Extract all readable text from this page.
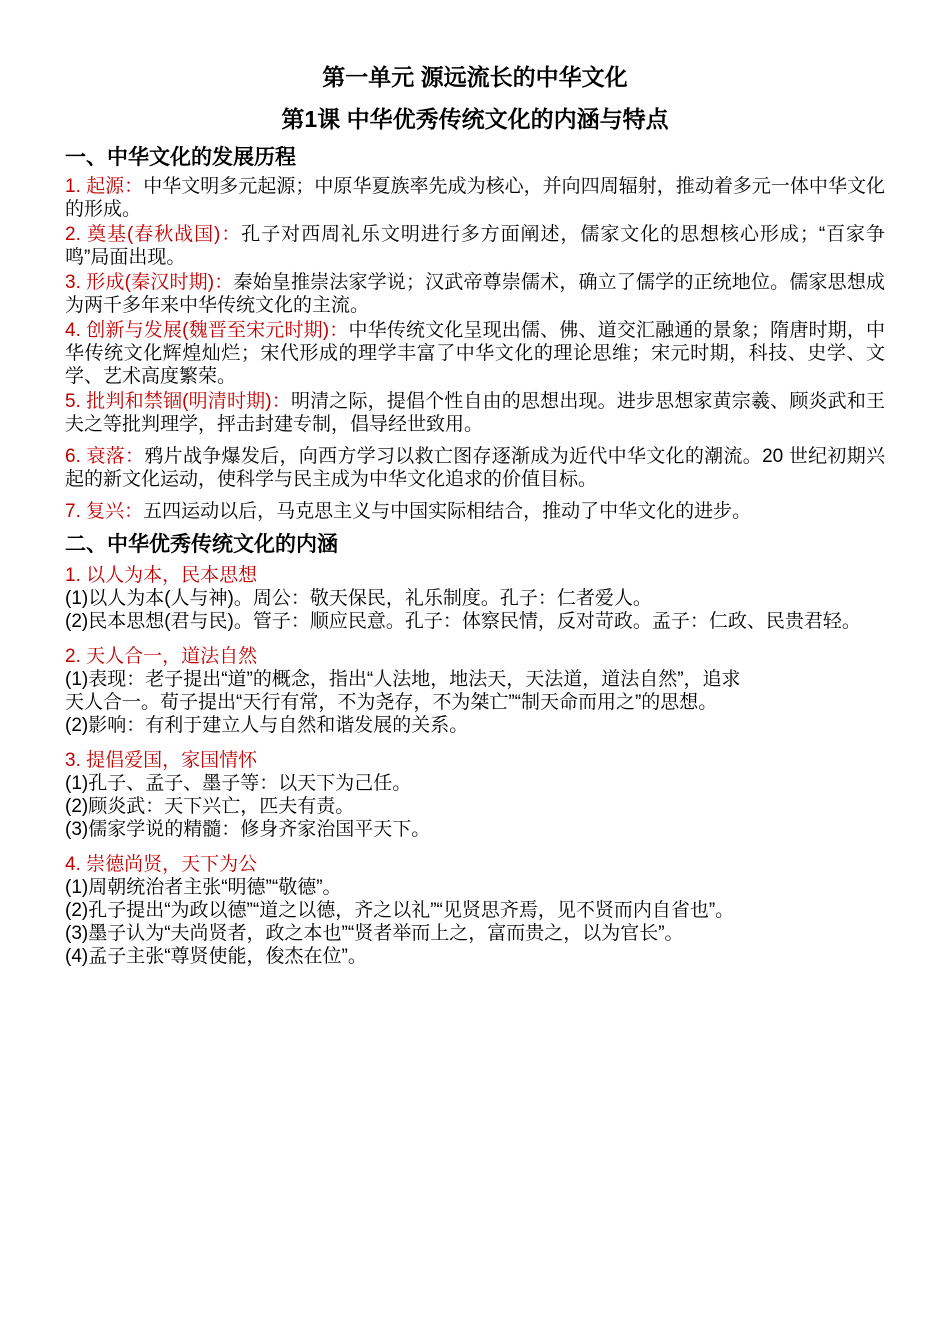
第一单元 源远流长的中华文化
第1课 中华优秀传统文化的内涵与特点
一、中华文化的发展历程

1. 起源：中华文明多元起源；中原华夏族率先成为核心，并向四周辐射，推动着多元一体中华文化的形成。

2. 奠基(春秋战国)：孔子对西周礼乐文明进行多方面阐述，儒家文化的思想核心形成；“百家争鸣”局面出现。

3. 形成(秦汉时期)：秦始皇推崇法家学说；汉武帝尊崇儒术，确立了儒学的正统地位。儒家思想成为两千多年来中华传统文化的主流。

4. 创新与发展(魏晋至宋元时期)：中华传统文化呈现出儒、佛、道交汇融通的景象；隋唐时期，中华传统文化辉煌灿烂；宋代形成的理学丰富了中华文化的理论思维；宋元时期，科技、史学、文学、艺术高度繁荣。

5. 批判和禁锢(明清时期)：明清之际，提倡个性自由的思想出现。进步思想家黄宗羲、顾炎武和王夫之等批判理学，抨击封建专制，倡导经世致用。

6. 衰落：鸦片战争爆发后，向西方学习以救亡图存逐渐成为近代中华文化的潮流。20 世纪初期兴起的新文化运动，使科学与民主成为中华文化追求的价值目标。

7. 复兴：五四运动以后，马克思主义与中国实际相结合，推动了中华文化的进步。

二、中华优秀传统文化的内涵
1. 以人为本，民本思想
(1)以人为本(人与神)。周公：敬天保民，礼乐制度。孔子：仁者爱人。
(2)民本思想(君与民)。管子：顺应民意。孔子：体察民情，反对苛政。孟子：仁政、民贵君轻。
2. 天人合一，道法自然
(1)表现：老子提出“道”的概念，指出“人法地，地法天，天法道，道法自然”，追求
天人合一。荀子提出“天行有常，不为尧存，不为桀亡”“制天命而用之”的思想。
(2)影响：有利于建立人与自然和谐发展的关系。
3. 提倡爱国，家国情怀
(1)孔子、孟子、墨子等：以天下为己任。
(2)顾炎武：天下兴亡，匹夫有责。
(3)儒家学说的精髓：修身齐家治国平天下。
4. 崇德尚贤，天下为公
(1)周朝统治者主张“明德”“敬德”。
(2)孔子提出“为政以德”“道之以德，齐之以礼”“见贤思齐焉，见不贤而内自省也”。
(3)墨子认为“夫尚贤者，政之本也”“贤者举而上之，富而贵之，以为官长”。
(4)孟子主张“尊贤使能，俊杰在位”。
